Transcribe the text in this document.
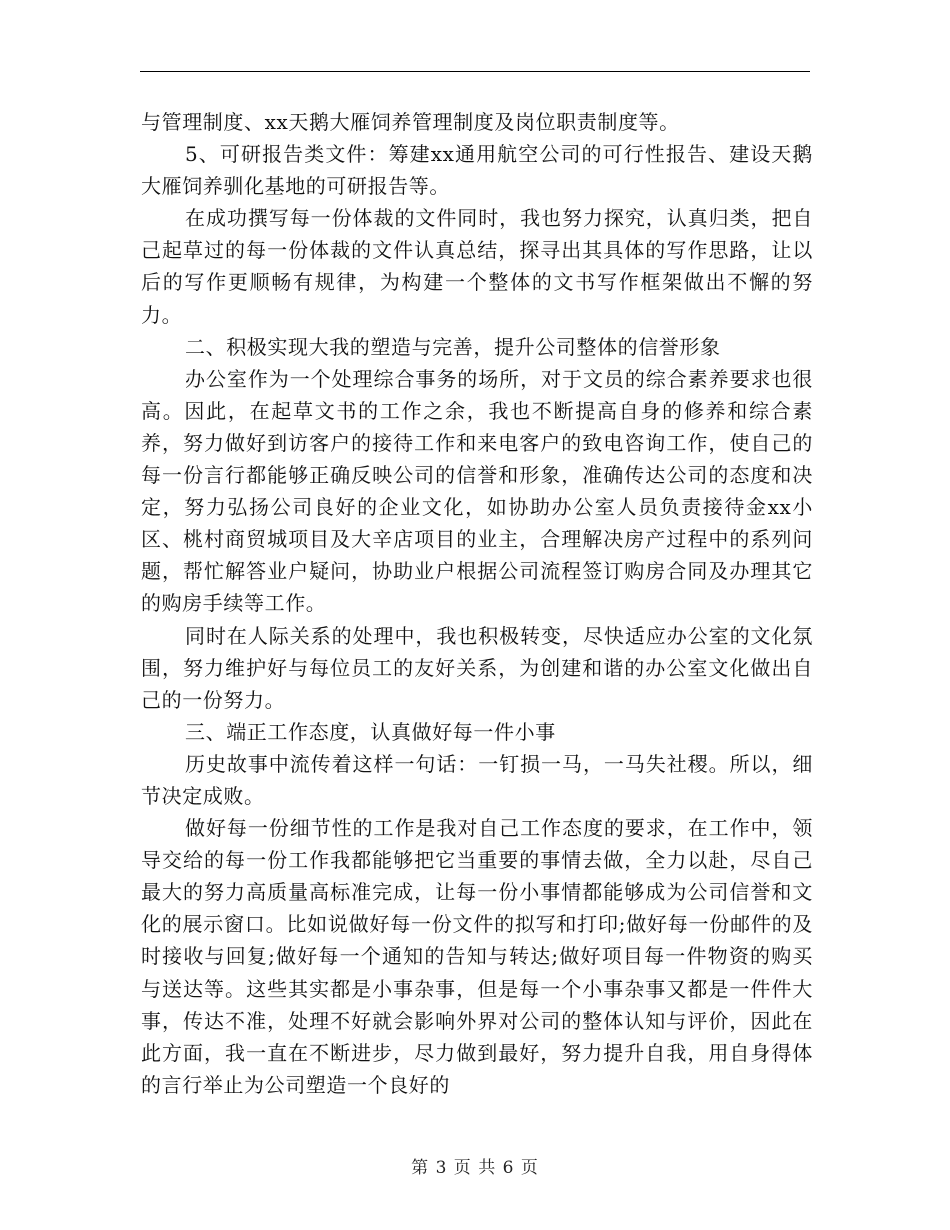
与管理制度、xx天鹅大雁饲养管理制度及岗位职责制度等。

5、可研报告类文件：筹建xx通用航空公司的可行性报告、建设天鹅大雁饲养驯化基地的可研报告等。

在成功撰写每一份体裁的文件同时，我也努力探究，认真归类，把自己起草过的每一份体裁的文件认真总结，探寻出其具体的写作思路，让以后的写作更顺畅有规律，为构建一个整体的文书写作框架做出不懈的努力。

二、积极实现大我的塑造与完善，提升公司整体的信誉形象

办公室作为一个处理综合事务的场所，对于文员的综合素养要求也很高。因此，在起草文书的工作之余，我也不断提高自身的修养和综合素养，努力做好到访客户的接待工作和来电客户的致电咨询工作，使自己的每一份言行都能够正确反映公司的信誉和形象，准确传达公司的态度和决定，努力弘扬公司良好的企业文化，如协助办公室人员负责接待金xx小区、桃村商贸城项目及大辛店项目的业主，合理解决房产过程中的系列问题，帮忙解答业户疑问，协助业户根据公司流程签订购房合同及办理其它的购房手续等工作。

同时在人际关系的处理中，我也积极转变，尽快适应办公室的文化氛围，努力维护好与每位员工的友好关系，为创建和谐的办公室文化做出自己的一份努力。

三、端正工作态度，认真做好每一件小事

历史故事中流传着这样一句话：一钉损一马，一马失社稷。所以，细节决定成败。

做好每一份细节性的工作是我对自己工作态度的要求，在工作中，领导交给的每一份工作我都能够把它当重要的事情去做，全力以赴，尽自己最大的努力高质量高标准完成，让每一份小事情都能够成为公司信誉和文化的展示窗口。比如说做好每一份文件的拟写和打印;做好每一份邮件的及时接收与回复;做好每一个通知的告知与转达;做好项目每一件物资的购买与送达等。这些其实都是小事杂事，但是每一个小事杂事又都是一件件大事，传达不准，处理不好就会影响外界对公司的整体认知与评价，因此在此方面，我一直在不断进步，尽力做到最好，努力提升自我，用自身得体的言行举止为公司塑造一个良好的

第 3 页 共 6 页
